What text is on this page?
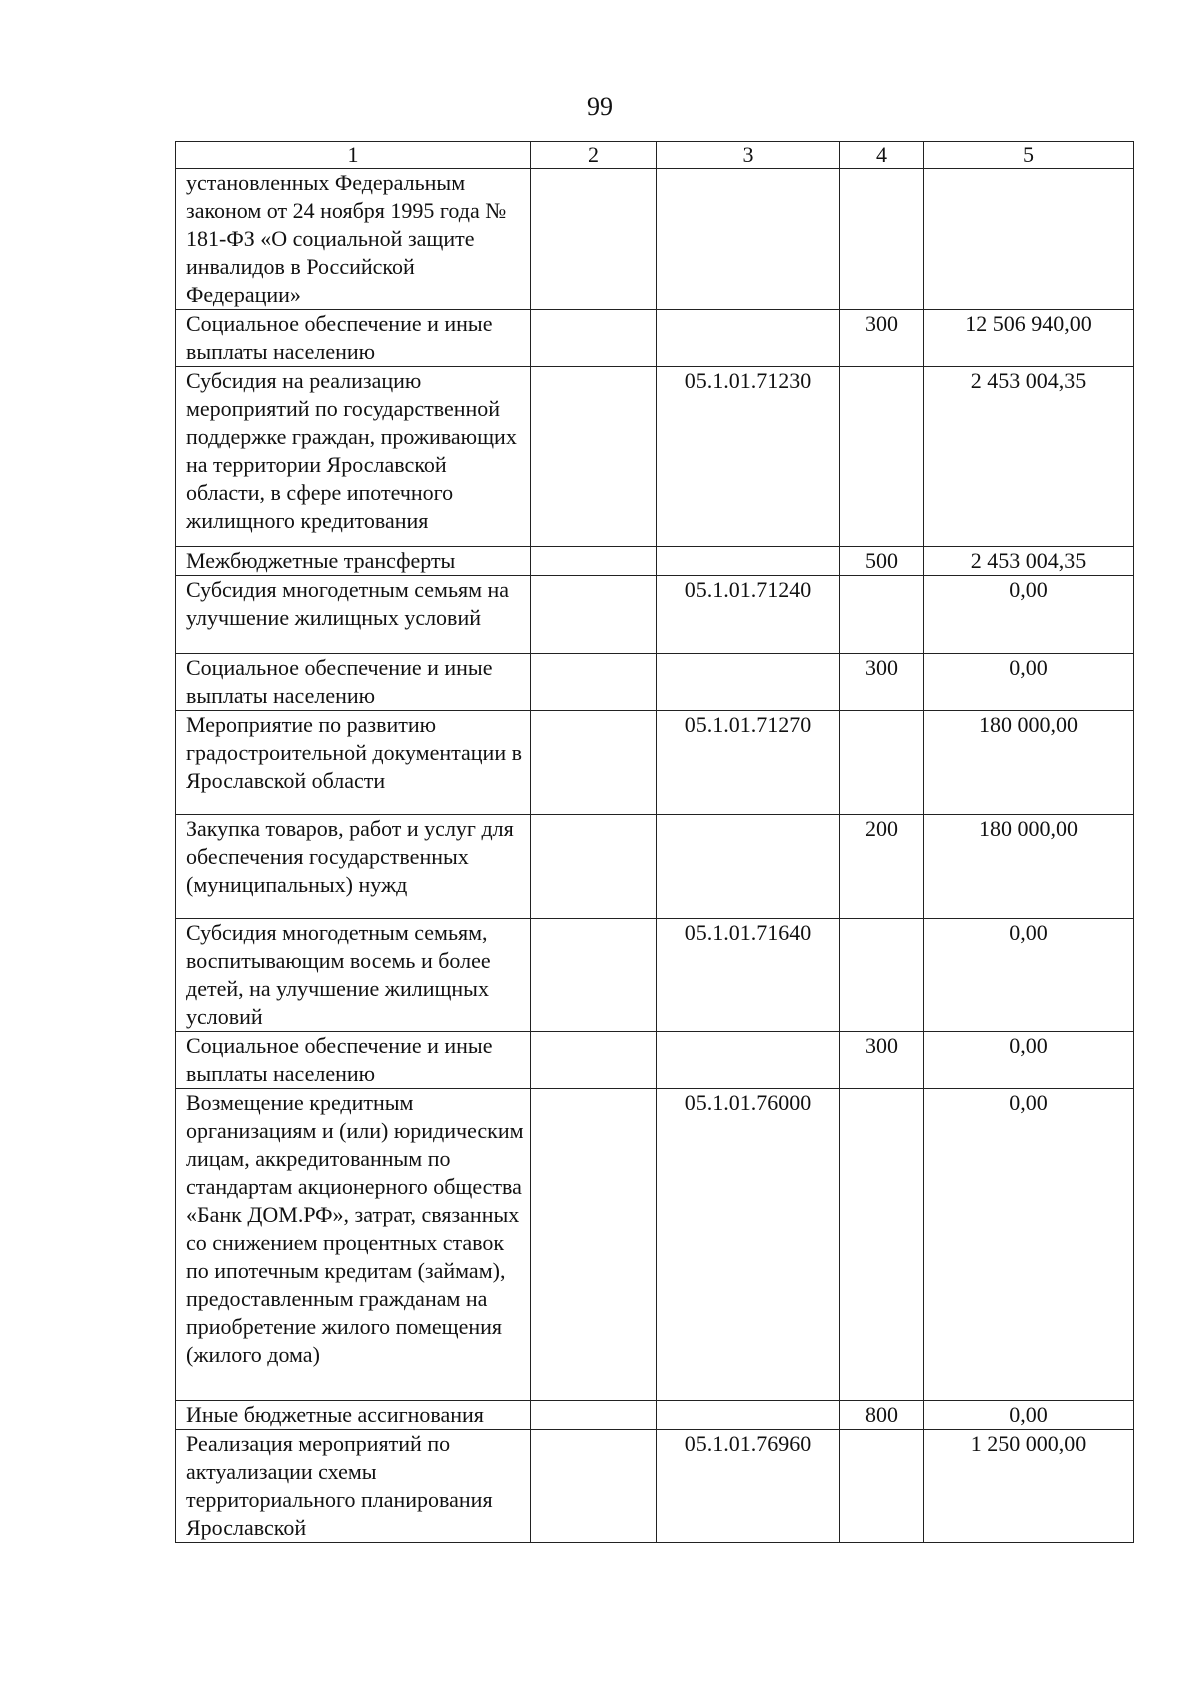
99
1	2	3	4	5
установленных Федеральным законом от 24 ноября 1995 года № 181-ФЗ «О социальной защите инвалидов в Российской Федерации»				
Социальное обеспечение и иные выплаты населению			300	12 506 940,00
Субсидия на реализацию мероприятий по государственной поддержке граждан, проживающих на территории Ярославской области, в сфере ипотечного жилищного кредитования		05.1.01.71230		2 453 004,35
Межбюджетные трансферты			500	2 453 004,35
Субсидия многодетным семьям на улучшение жилищных условий		05.1.01.71240		0,00
Социальное обеспечение и иные выплаты населению			300	0,00
Мероприятие по развитию градостроительной документации в Ярославской области		05.1.01.71270		180 000,00
Закупка товаров, работ и услуг для обеспечения государственных (муниципальных) нужд			200	180 000,00
Субсидия многодетным семьям, воспитывающим восемь и более детей, на улучшение жилищных условий		05.1.01.71640		0,00
Социальное обеспечение и иные выплаты населению			300	0,00
Возмещение кредитным организациям и (или) юридическим лицам, аккредитованным по стандартам акционерного общества «Банк ДОМ.РФ», затрат, связанных со снижением процентных ставок по ипотечным кредитам (займам), предоставленным гражданам на приобретение жилого помещения (жилого дома)		05.1.01.76000		0,00
Иные бюджетные ассигнования			800	0,00
Реализация мероприятий по актуализации схемы территориального планирования Ярославской		05.1.01.76960		1 250 000,00
